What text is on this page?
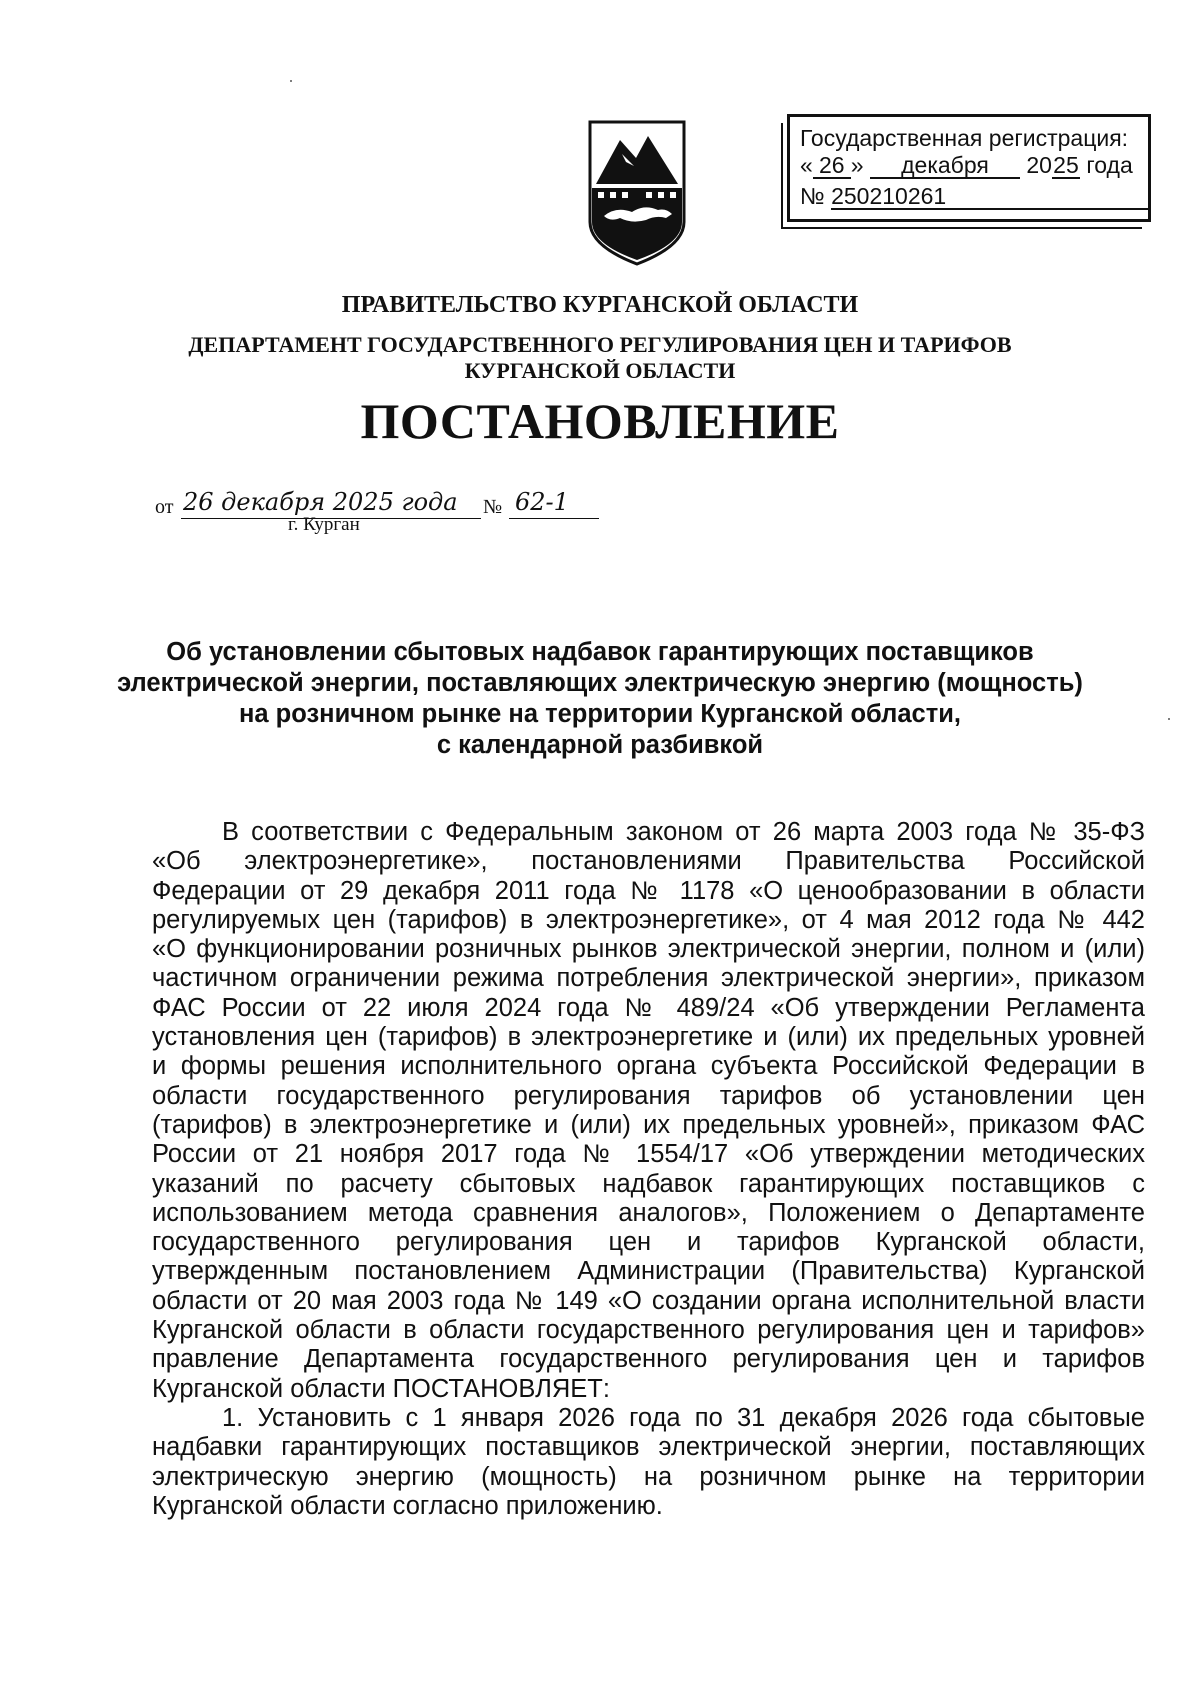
Государственная регистрация:
« 26 » декабря 2025 года
№ 250210261
ПРАВИТЕЛЬСТВО КУРГАНСКОЙ ОБЛАСТИ
ДЕПАРТАМЕНТ ГОСУДАРСТВЕННОГО РЕГУЛИРОВАНИЯ ЦЕН И ТАРИФОВ
КУРГАНСКОЙ ОБЛАСТИ
ПОСТАНОВЛЕНИЕ
от 26 декабря 2025 года № 62-1
г. Курган
Об установлении сбытовых надбавок гарантирующих поставщиков
электрической энергии, поставляющих электрическую энергию (мощность)
на розничном рынке на территории Курганской области,
с календарной разбивкой
В соответствии с Федеральным законом от 26 марта 2003 года № 35-ФЗ
«Об электроэнергетике», постановлениями Правительства Российской
Федерации от 29 декабря 2011 года № 1178 «О ценообразовании в области
регулируемых цен (тарифов) в электроэнергетике», от 4 мая 2012 года № 442
«О функционировании розничных рынков электрической энергии, полном и (или)
частичном ограничении режима потребления электрической энергии», приказом
ФАС России от 22 июля 2024 года № 489/24 «Об утверждении Регламента
установления цен (тарифов) в электроэнергетике и (или) их предельных уровней
и формы решения исполнительного органа субъекта Российской Федерации в
области государственного регулирования тарифов об установлении цен
(тарифов) в электроэнергетике и (или) их предельных уровней», приказом ФАС
России от 21 ноября 2017 года № 1554/17 «Об утверждении методических
указаний по расчету сбытовых надбавок гарантирующих поставщиков с
использованием метода сравнения аналогов», Положением о Департаменте
государственного регулирования цен и тарифов Курганской области,
утвержденным постановлением Администрации (Правительства) Курганской
области от 20 мая 2003 года № 149 «О создании органа исполнительной власти
Курганской области в области государственного регулирования цен и тарифов»
правление Департамента государственного регулирования цен и тарифов
Курганской области ПОСТАНОВЛЯЕТ:
1. Установить с 1 января 2026 года по 31 декабря 2026 года сбытовые
надбавки гарантирующих поставщиков электрической энергии, поставляющих
электрическую энергию (мощность) на розничном рынке на территории
Курганской области согласно приложению.
